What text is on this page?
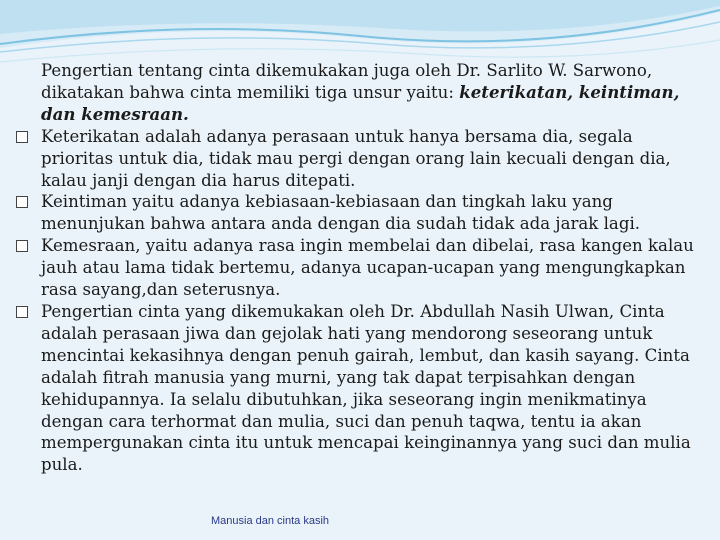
Pengertian tentang cinta dikemukakan juga oleh Dr. Sarlito W. Sarwono, dikatakan bahwa cinta memiliki tiga unsur yaitu: keterikatan, keintiman, dan kemesraan.

Keterikatan adalah adanya perasaan untuk hanya bersama dia, segala prioritas untuk dia, tidak mau pergi dengan orang lain kecuali dengan dia, kalau janji dengan dia harus ditepati.

Keintiman yaitu adanya kebiasaan-kebiasaan dan tingkah laku yang menunjukan bahwa antara anda dengan dia sudah tidak ada jarak lagi.

Kemesraan, yaitu adanya rasa ingin membelai dan dibelai, rasa kangen kalau jauh atau lama tidak bertemu, adanya ucapan-ucapan yang mengungkapkan rasa sayang,dan seterusnya.

Pengertian cinta yang dikemukakan oleh Dr. Abdullah Nasih Ulwan, Cinta adalah perasaan jiwa dan gejolak hati yang mendorong seseorang untuk mencintai kekasihnya dengan penuh gairah, lembut, dan kasih sayang. Cinta adalah fitrah manusia yang murni, yang tak dapat terpisahkan dengan kehidupannya. Ia selalu dibutuhkan, jika seseorang ingin menikmatinya dengan cara terhormat dan mulia, suci dan penuh taqwa, tentu ia akan mempergunakan cinta itu untuk mencapai keinginannya yang suci dan mulia pula.

Manusia dan cinta kasih
